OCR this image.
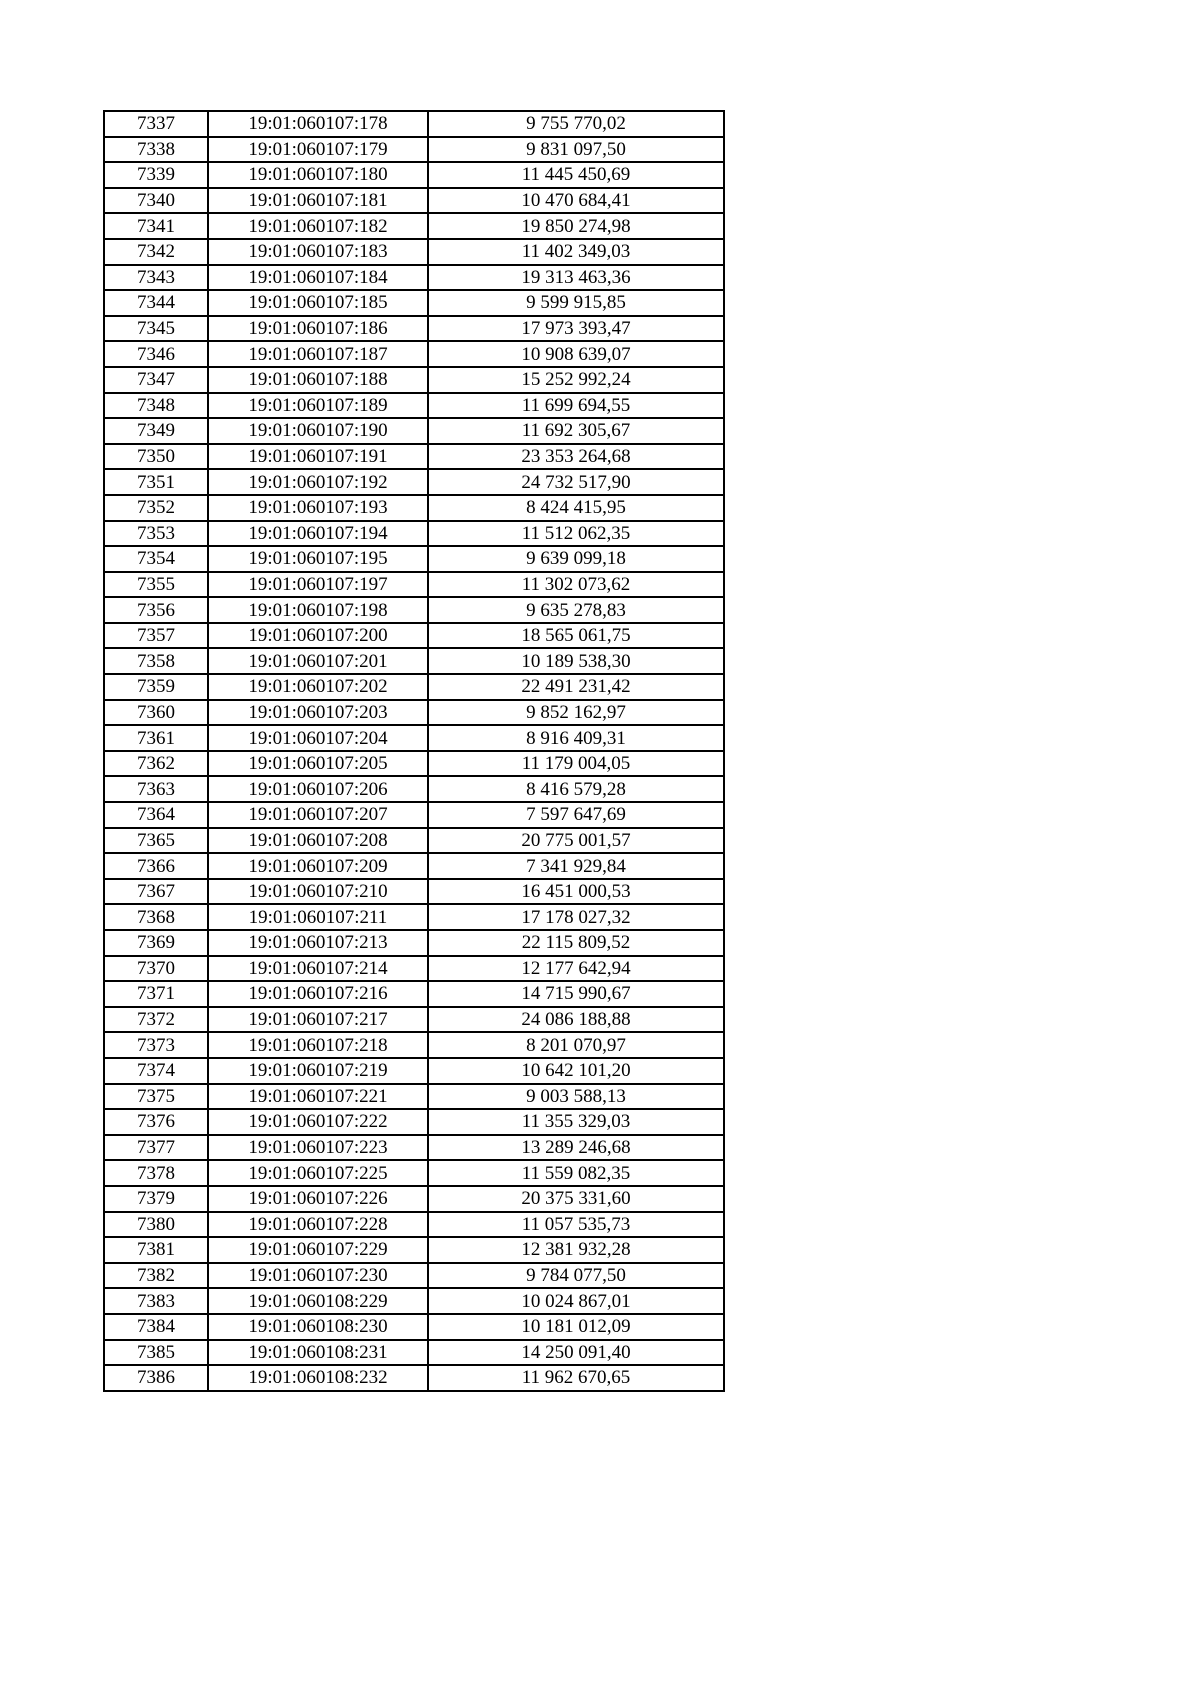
7337	19:01:060107:178	9 755 770,02
7338	19:01:060107:179	9 831 097,50
7339	19:01:060107:180	11 445 450,69
7340	19:01:060107:181	10 470 684,41
7341	19:01:060107:182	19 850 274,98
7342	19:01:060107:183	11 402 349,03
7343	19:01:060107:184	19 313 463,36
7344	19:01:060107:185	9 599 915,85
7345	19:01:060107:186	17 973 393,47
7346	19:01:060107:187	10 908 639,07
7347	19:01:060107:188	15 252 992,24
7348	19:01:060107:189	11 699 694,55
7349	19:01:060107:190	11 692 305,67
7350	19:01:060107:191	23 353 264,68
7351	19:01:060107:192	24 732 517,90
7352	19:01:060107:193	8 424 415,95
7353	19:01:060107:194	11 512 062,35
7354	19:01:060107:195	9 639 099,18
7355	19:01:060107:197	11 302 073,62
7356	19:01:060107:198	9 635 278,83
7357	19:01:060107:200	18 565 061,75
7358	19:01:060107:201	10 189 538,30
7359	19:01:060107:202	22 491 231,42
7360	19:01:060107:203	9 852 162,97
7361	19:01:060107:204	8 916 409,31
7362	19:01:060107:205	11 179 004,05
7363	19:01:060107:206	8 416 579,28
7364	19:01:060107:207	7 597 647,69
7365	19:01:060107:208	20 775 001,57
7366	19:01:060107:209	7 341 929,84
7367	19:01:060107:210	16 451 000,53
7368	19:01:060107:211	17 178 027,32
7369	19:01:060107:213	22 115 809,52
7370	19:01:060107:214	12 177 642,94
7371	19:01:060107:216	14 715 990,67
7372	19:01:060107:217	24 086 188,88
7373	19:01:060107:218	8 201 070,97
7374	19:01:060107:219	10 642 101,20
7375	19:01:060107:221	9 003 588,13
7376	19:01:060107:222	11 355 329,03
7377	19:01:060107:223	13 289 246,68
7378	19:01:060107:225	11 559 082,35
7379	19:01:060107:226	20 375 331,60
7380	19:01:060107:228	11 057 535,73
7381	19:01:060107:229	12 381 932,28
7382	19:01:060107:230	9 784 077,50
7383	19:01:060108:229	10 024 867,01
7384	19:01:060108:230	10 181 012,09
7385	19:01:060108:231	14 250 091,40
7386	19:01:060108:232	11 962 670,65
